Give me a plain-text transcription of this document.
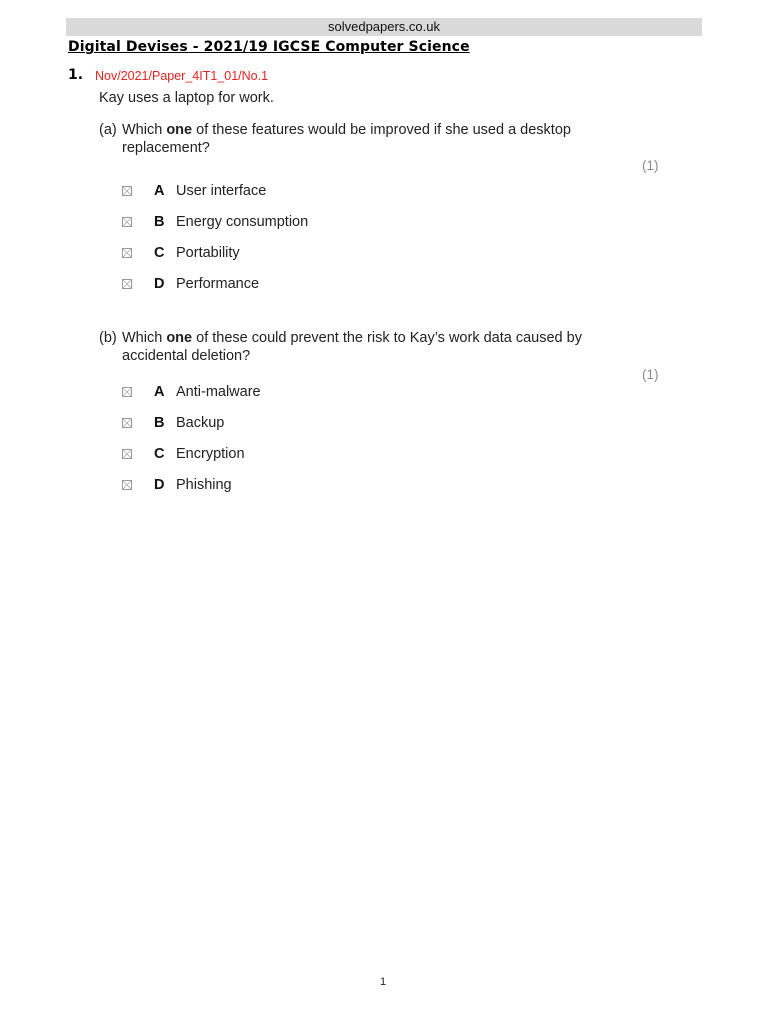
solvedpapers.co.uk
Digital Devises - 2021/19 IGCSE Computer Science
1. Nov/2021/Paper_4IT1_01/No.1
Kay uses a laptop for work.
(a) Which one of these features would be improved if she used a desktop replacement?
(1)
A User interface
B Energy consumption
C Portability
D Performance
(b) Which one of these could prevent the risk to Kay’s work data caused by accidental deletion?
(1)
A Anti-malware
B Backup
C Encryption
D Phishing
1
